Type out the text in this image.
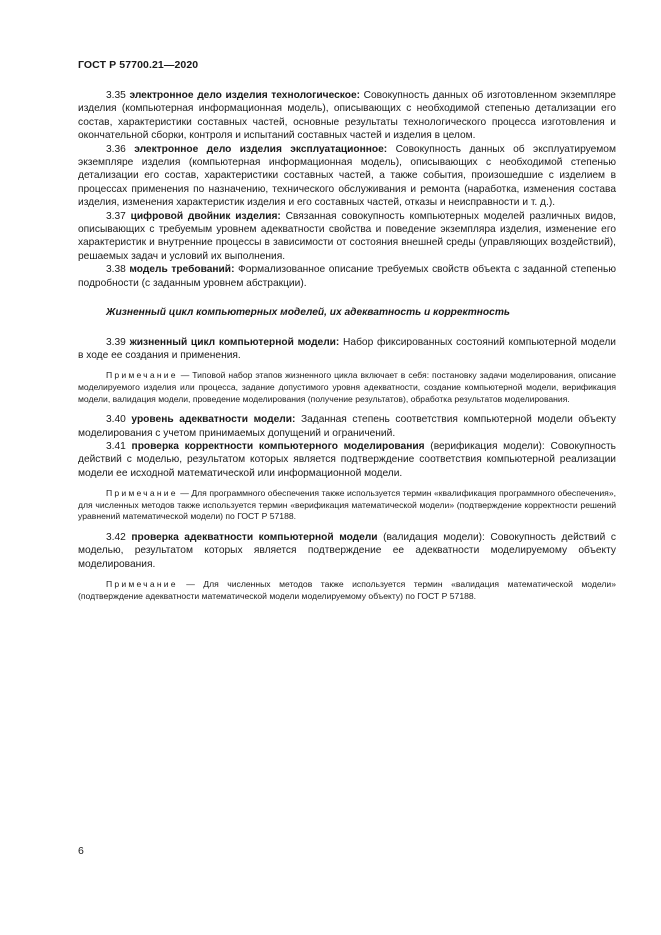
ГОСТ Р 57700.21—2020

3.35 электронное дело изделия технологическое: Совокупность данных об изготовленном экземпляре изделия (компьютерная информационная модель), описывающих с необходимой степенью детализации его состав, характеристики составных частей, основные результаты технологического процесса изготовления и окончательной сборки, контроля и испытаний составных частей и изделия в целом.

3.36 электронное дело изделия эксплуатационное: Совокупность данных об эксплуатируемом экземпляре изделия (компьютерная информационная модель), описывающих с необходимой степенью детализации его состав, характеристики составных частей, а также события, произошедшие с изделием в процессах применения по назначению, технического обслуживания и ремонта (наработка, изменения состава изделия, изменения характеристик изделия и его составных частей, отказы и неисправности и т. д.).

3.37 цифровой двойник изделия: Связанная совокупность компьютерных моделей различных видов, описывающих с требуемым уровнем адекватности свойства и поведение экземпляра изделия, изменение его характеристик и внутренние процессы в зависимости от состояния внешней среды (управляющих воздействий), решаемых задач и условий их выполнения.

3.38 модель требований: Формализованное описание требуемых свойств объекта с заданной степенью подробности (с заданным уровнем абстракции).

Жизненный цикл компьютерных моделей, их адекватность и корректность

3.39 жизненный цикл компьютерной модели: Набор фиксированных состояний компьютерной модели в ходе ее создания и применения.

Примечание — Типовой набор этапов жизненного цикла включает в себя: постановку задачи моделирования, описание моделируемого изделия или процесса, задание допустимого уровня адекватности, создание компьютерной модели, верификация модели, валидация модели, проведение моделирования (получение результатов), обработка результатов моделирования.

3.40 уровень адекватности модели: Заданная степень соответствия компьютерной модели объекту моделирования с учетом принимаемых допущений и ограничений.

3.41 проверка корректности компьютерного моделирования (верификация модели): Совокупность действий с моделью, результатом которых является подтверждение соответствия компьютерной реализации модели ее исходной математической или информационной модели.

Примечание — Для программного обеспечения также используется термин «квалификация программного обеспечения», для численных методов также используется термин «верификация математической модели» (подтверждение корректности решений уравнений математической модели) по ГОСТ Р 57188.

3.42 проверка адекватности компьютерной модели (валидация модели): Совокупность действий с моделью, результатом которых является подтверждение ее адекватности моделируемому объекту моделирования.

Примечание — Для численных методов также используется термин «валидация математической модели» (подтверждение адекватности математической модели моделируемому объекту) по ГОСТ Р 57188.

6
